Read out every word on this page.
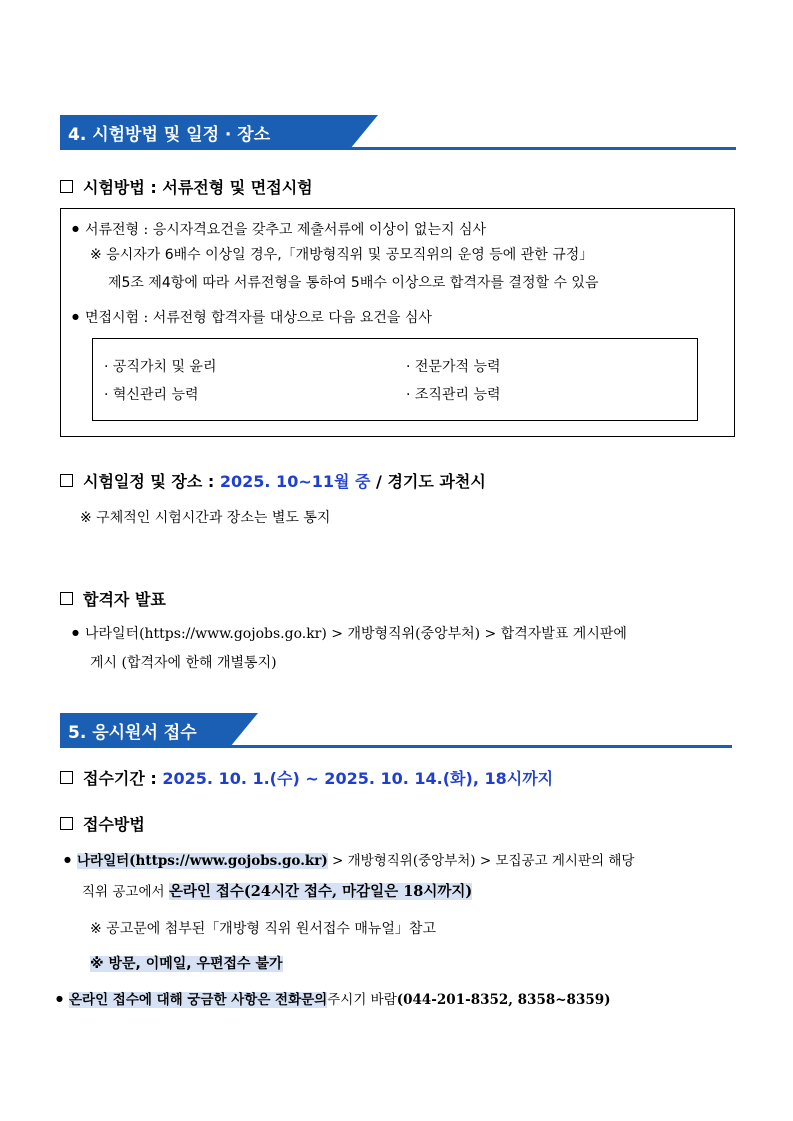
4. 시험방법 및 일정 · 장소
시험방법 : 서류전형 및 면접시험
● 서류전형 : 응시자격요건을 갖추고 제출서류에 이상이 없는지 심사
※ 응시자가 6배수 이상일 경우,「개방형직위 및 공모직위의 운영 등에 관한 규정」
제5조 제4항에 따라 서류전형을 통하여 5배수 이상으로 합격자를 결정할 수 있음
● 면접시험 : 서류전형 합격자를 대상으로 다음 요건을 심사
· 공직가치 및 윤리	· 전문가적 능력
· 혁신관리 능력	· 조직관리 능력
시험일정 및 장소 : 2025. 10~11월 중 / 경기도 과천시
※ 구체적인 시험시간과 장소는 별도 통지
합격자 발표
● 나라일터(https://www.gojobs.go.kr) > 개방형직위(중앙부처) > 합격자발표 게시판에
게시 (합격자에 한해 개별통지)
5. 응시원서 접수
접수기간 : 2025. 10. 1.(수) ~ 2025. 10. 14.(화), 18시까지
접수방법
● 나라일터(https://www.gojobs.go.kr) > 개방형직위(중앙부처) > 모집공고 게시판의 해당
직위 공고에서 온라인 접수(24시간 접수, 마감일은 18시까지)
※ 공고문에 첨부된「개방형 직위 원서접수 매뉴얼」참고
※ 방문, 이메일, 우편접수 불가
● 온라인 접수에 대해 궁금한 사항은 전화문의주시기 바람(044-201-8352, 8358~8359)
